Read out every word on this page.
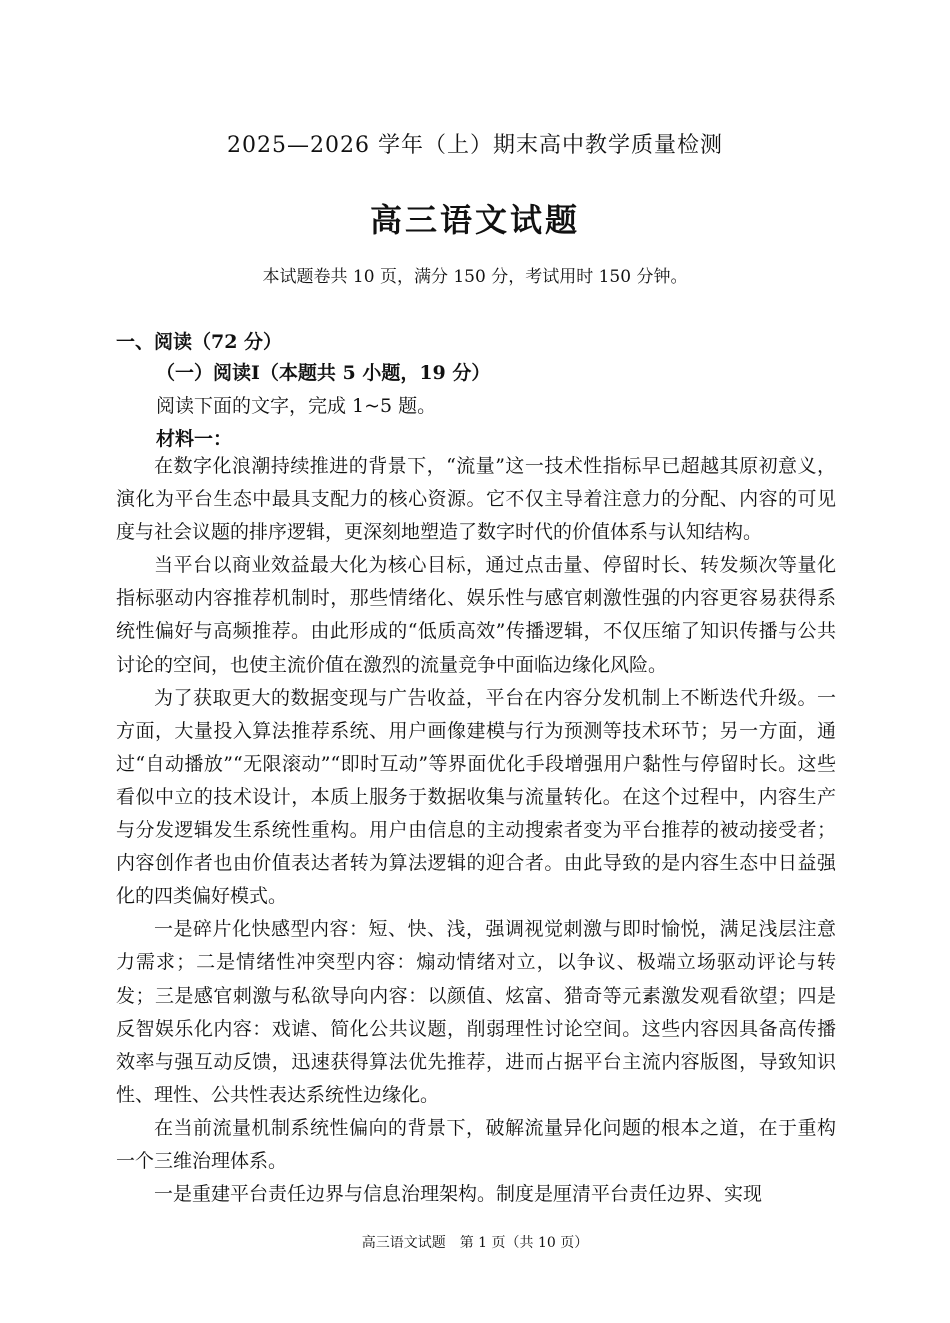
2025—2026 学年（上）期末高中教学质量检测
高三语文试题
本试题卷共 10 页，满分 150 分，考试用时 150 分钟。
一、阅读（72 分）
（一）阅读Ⅰ（本题共 5 小题，19 分）
阅读下面的文字，完成 1~5 题。
材料一：

在数字化浪潮持续推进的背景下，“流量”这一技术性指标早已超越其原初意义，演化为平台生态中最具支配力的核心资源。它不仅主导着注意力的分配、内容的可见度与社会议题的排序逻辑，更深刻地塑造了数字时代的价值体系与认知结构。

当平台以商业效益最大化为核心目标，通过点击量、停留时长、转发频次等量化指标驱动内容推荐机制时，那些情绪化、娱乐性与感官刺激性强的内容更容易获得系统性偏好与高频推荐。由此形成的“低质高效”传播逻辑，不仅压缩了知识传播与公共讨论的空间，也使主流价值在激烈的流量竞争中面临边缘化风险。

为了获取更大的数据变现与广告收益，平台在内容分发机制上不断迭代升级。一方面，大量投入算法推荐系统、用户画像建模与行为预测等技术环节；另一方面，通过“自动播放”“无限滚动”“即时互动”等界面优化手段增强用户黏性与停留时长。这些看似中立的技术设计，本质上服务于数据收集与流量转化。在这个过程中，内容生产与分发逻辑发生系统性重构。用户由信息的主动搜索者变为平台推荐的被动接受者；内容创作者也由价值表达者转为算法逻辑的迎合者。由此导致的是内容生态中日益强化的四类偏好模式。

一是碎片化快感型内容：短、快、浅，强调视觉刺激与即时愉悦，满足浅层注意力需求；二是情绪性冲突型内容：煽动情绪对立，以争议、极端立场驱动评论与转发；三是感官刺激与私欲导向内容：以颜值、炫富、猎奇等元素激发观看欲望；四是反智娱乐化内容：戏谑、简化公共议题，削弱理性讨论空间。这些内容因具备高传播效率与强互动反馈，迅速获得算法优先推荐，进而占据平台主流内容版图，导致知识性、理性、公共性表达系统性边缘化。

在当前流量机制系统性偏向的背景下，破解流量异化问题的根本之道，在于重构一个三维治理体系。

一是重建平台责任边界与信息治理架构。制度是厘清平台责任边界、实现

高三语文试题　第 1 页（共 10 页）
